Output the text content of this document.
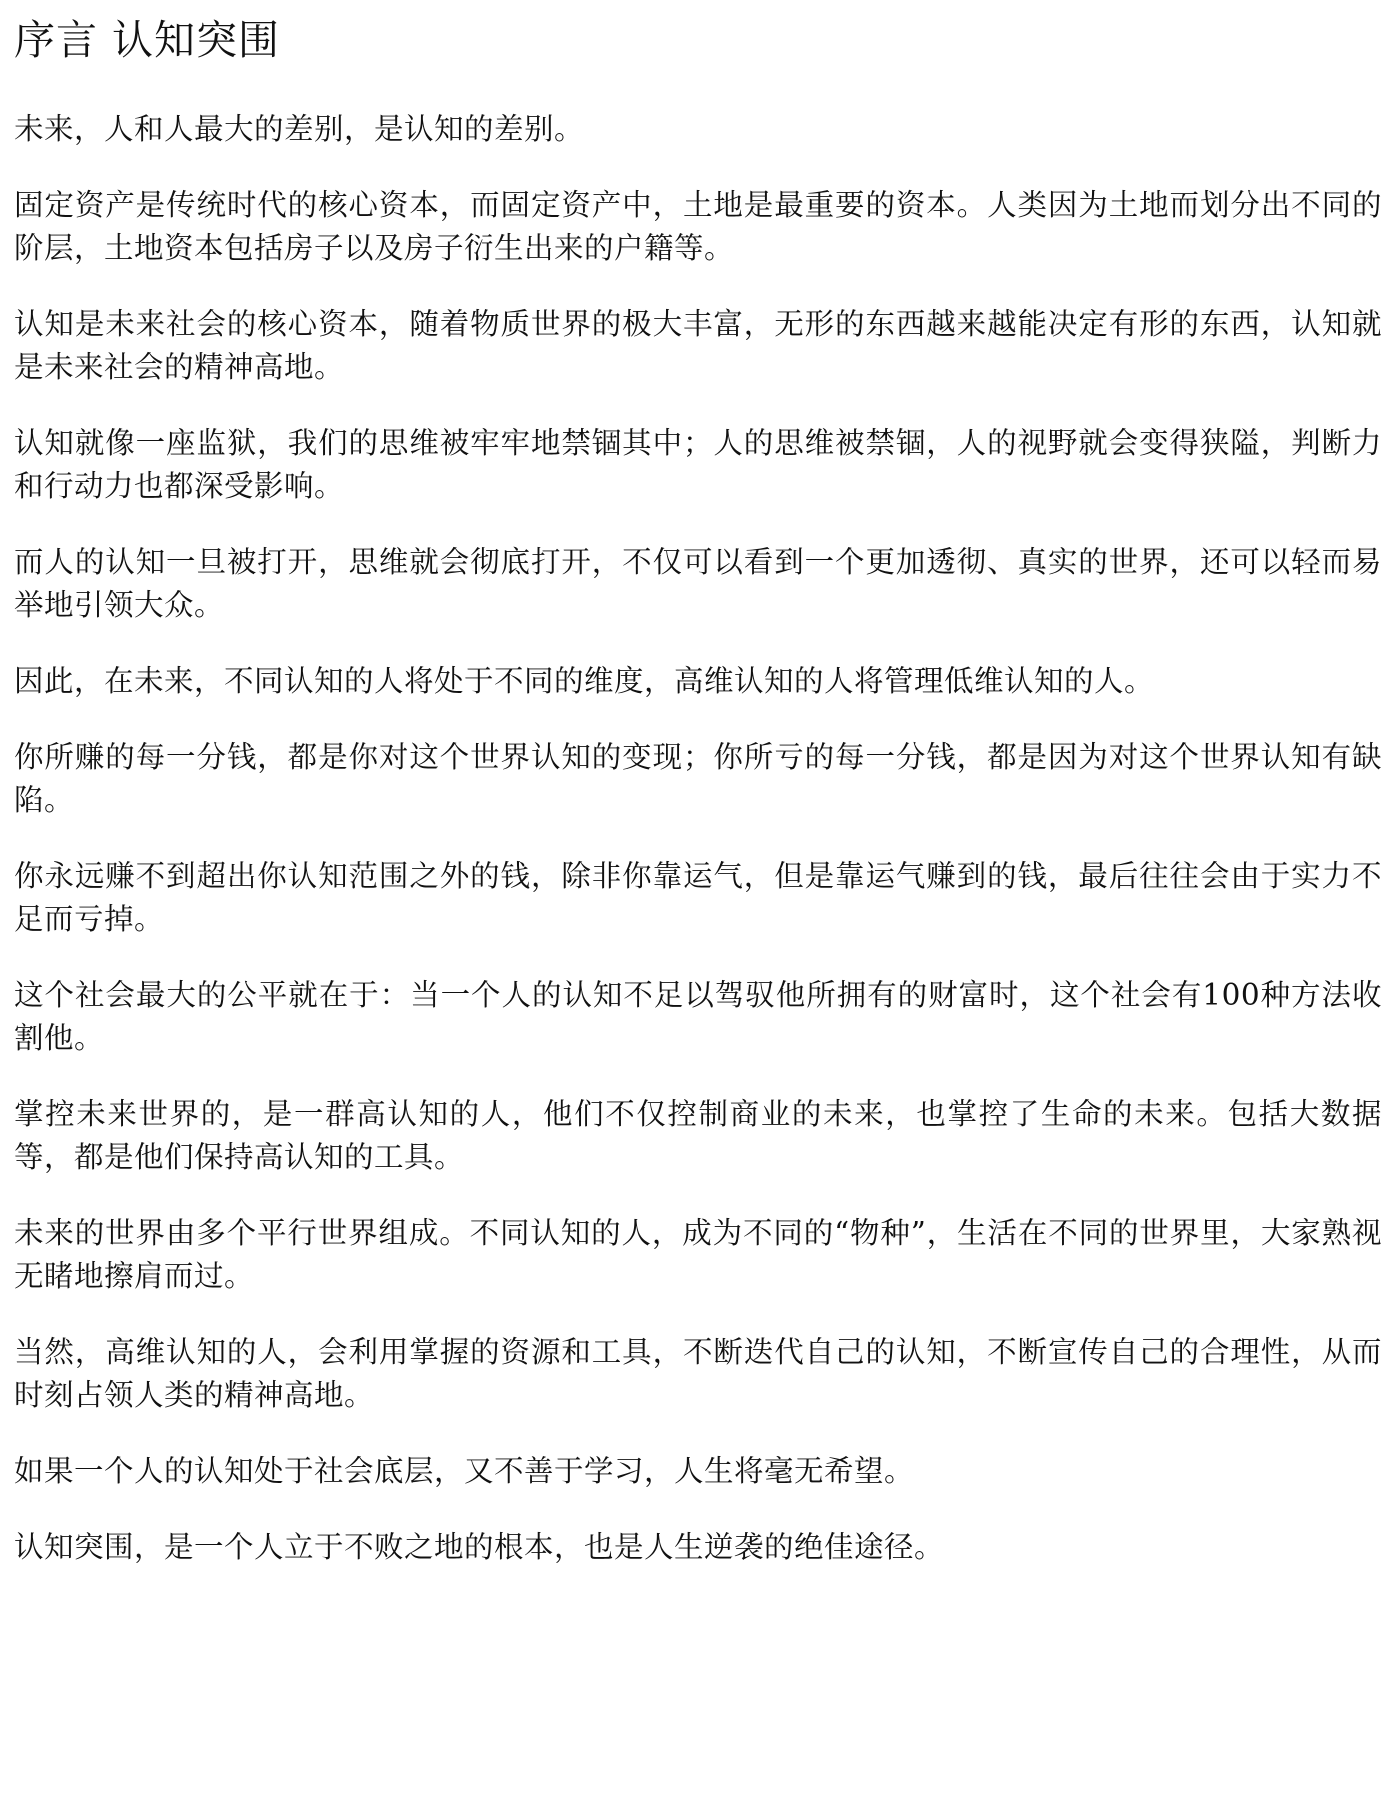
序言 认知突围

未来，人和人最大的差别，是认知的差别。

固定资产是传统时代的核心资本，而固定资产中，土地是最重要的资本。人类因为土地而划分出不同的阶层，土地资本包括房子以及房子衍生出来的户籍等。

认知是未来社会的核心资本，随着物质世界的极大丰富，无形的东西越来越能决定有形的东西，认知就是未来社会的精神高地。

认知就像一座监狱，我们的思维被牢牢地禁锢其中；人的思维被禁锢，人的视野就会变得狭隘，判断力和行动力也都深受影响。

而人的认知一旦被打开，思维就会彻底打开，不仅可以看到一个更加透彻、真实的世界，还可以轻而易举地引领大众。

因此，在未来，不同认知的人将处于不同的维度，高维认知的人将管理低维认知的人。

你所赚的每一分钱，都是你对这个世界认知的变现；你所亏的每一分钱，都是因为对这个世界认知有缺陷。

你永远赚不到超出你认知范围之外的钱，除非你靠运气，但是靠运气赚到的钱，最后往往会由于实力不足而亏掉。

这个社会最大的公平就在于：当一个人的认知不足以驾驭他所拥有的财富时，这个社会有100种方法收割他。

掌控未来世界的，是一群高认知的人，他们不仅控制商业的未来，也掌控了生命的未来。包括大数据等，都是他们保持高认知的工具。

未来的世界由多个平行世界组成。不同认知的人，成为不同的“物种”，生活在不同的世界里，大家熟视无睹地擦肩而过。

当然，高维认知的人，会利用掌握的资源和工具，不断迭代自己的认知，不断宣传自己的合理性，从而时刻占领人类的精神高地。

如果一个人的认知处于社会底层，又不善于学习，人生将毫无希望。

认知突围，是一个人立于不败之地的根本，也是人生逆袭的绝佳途径。
